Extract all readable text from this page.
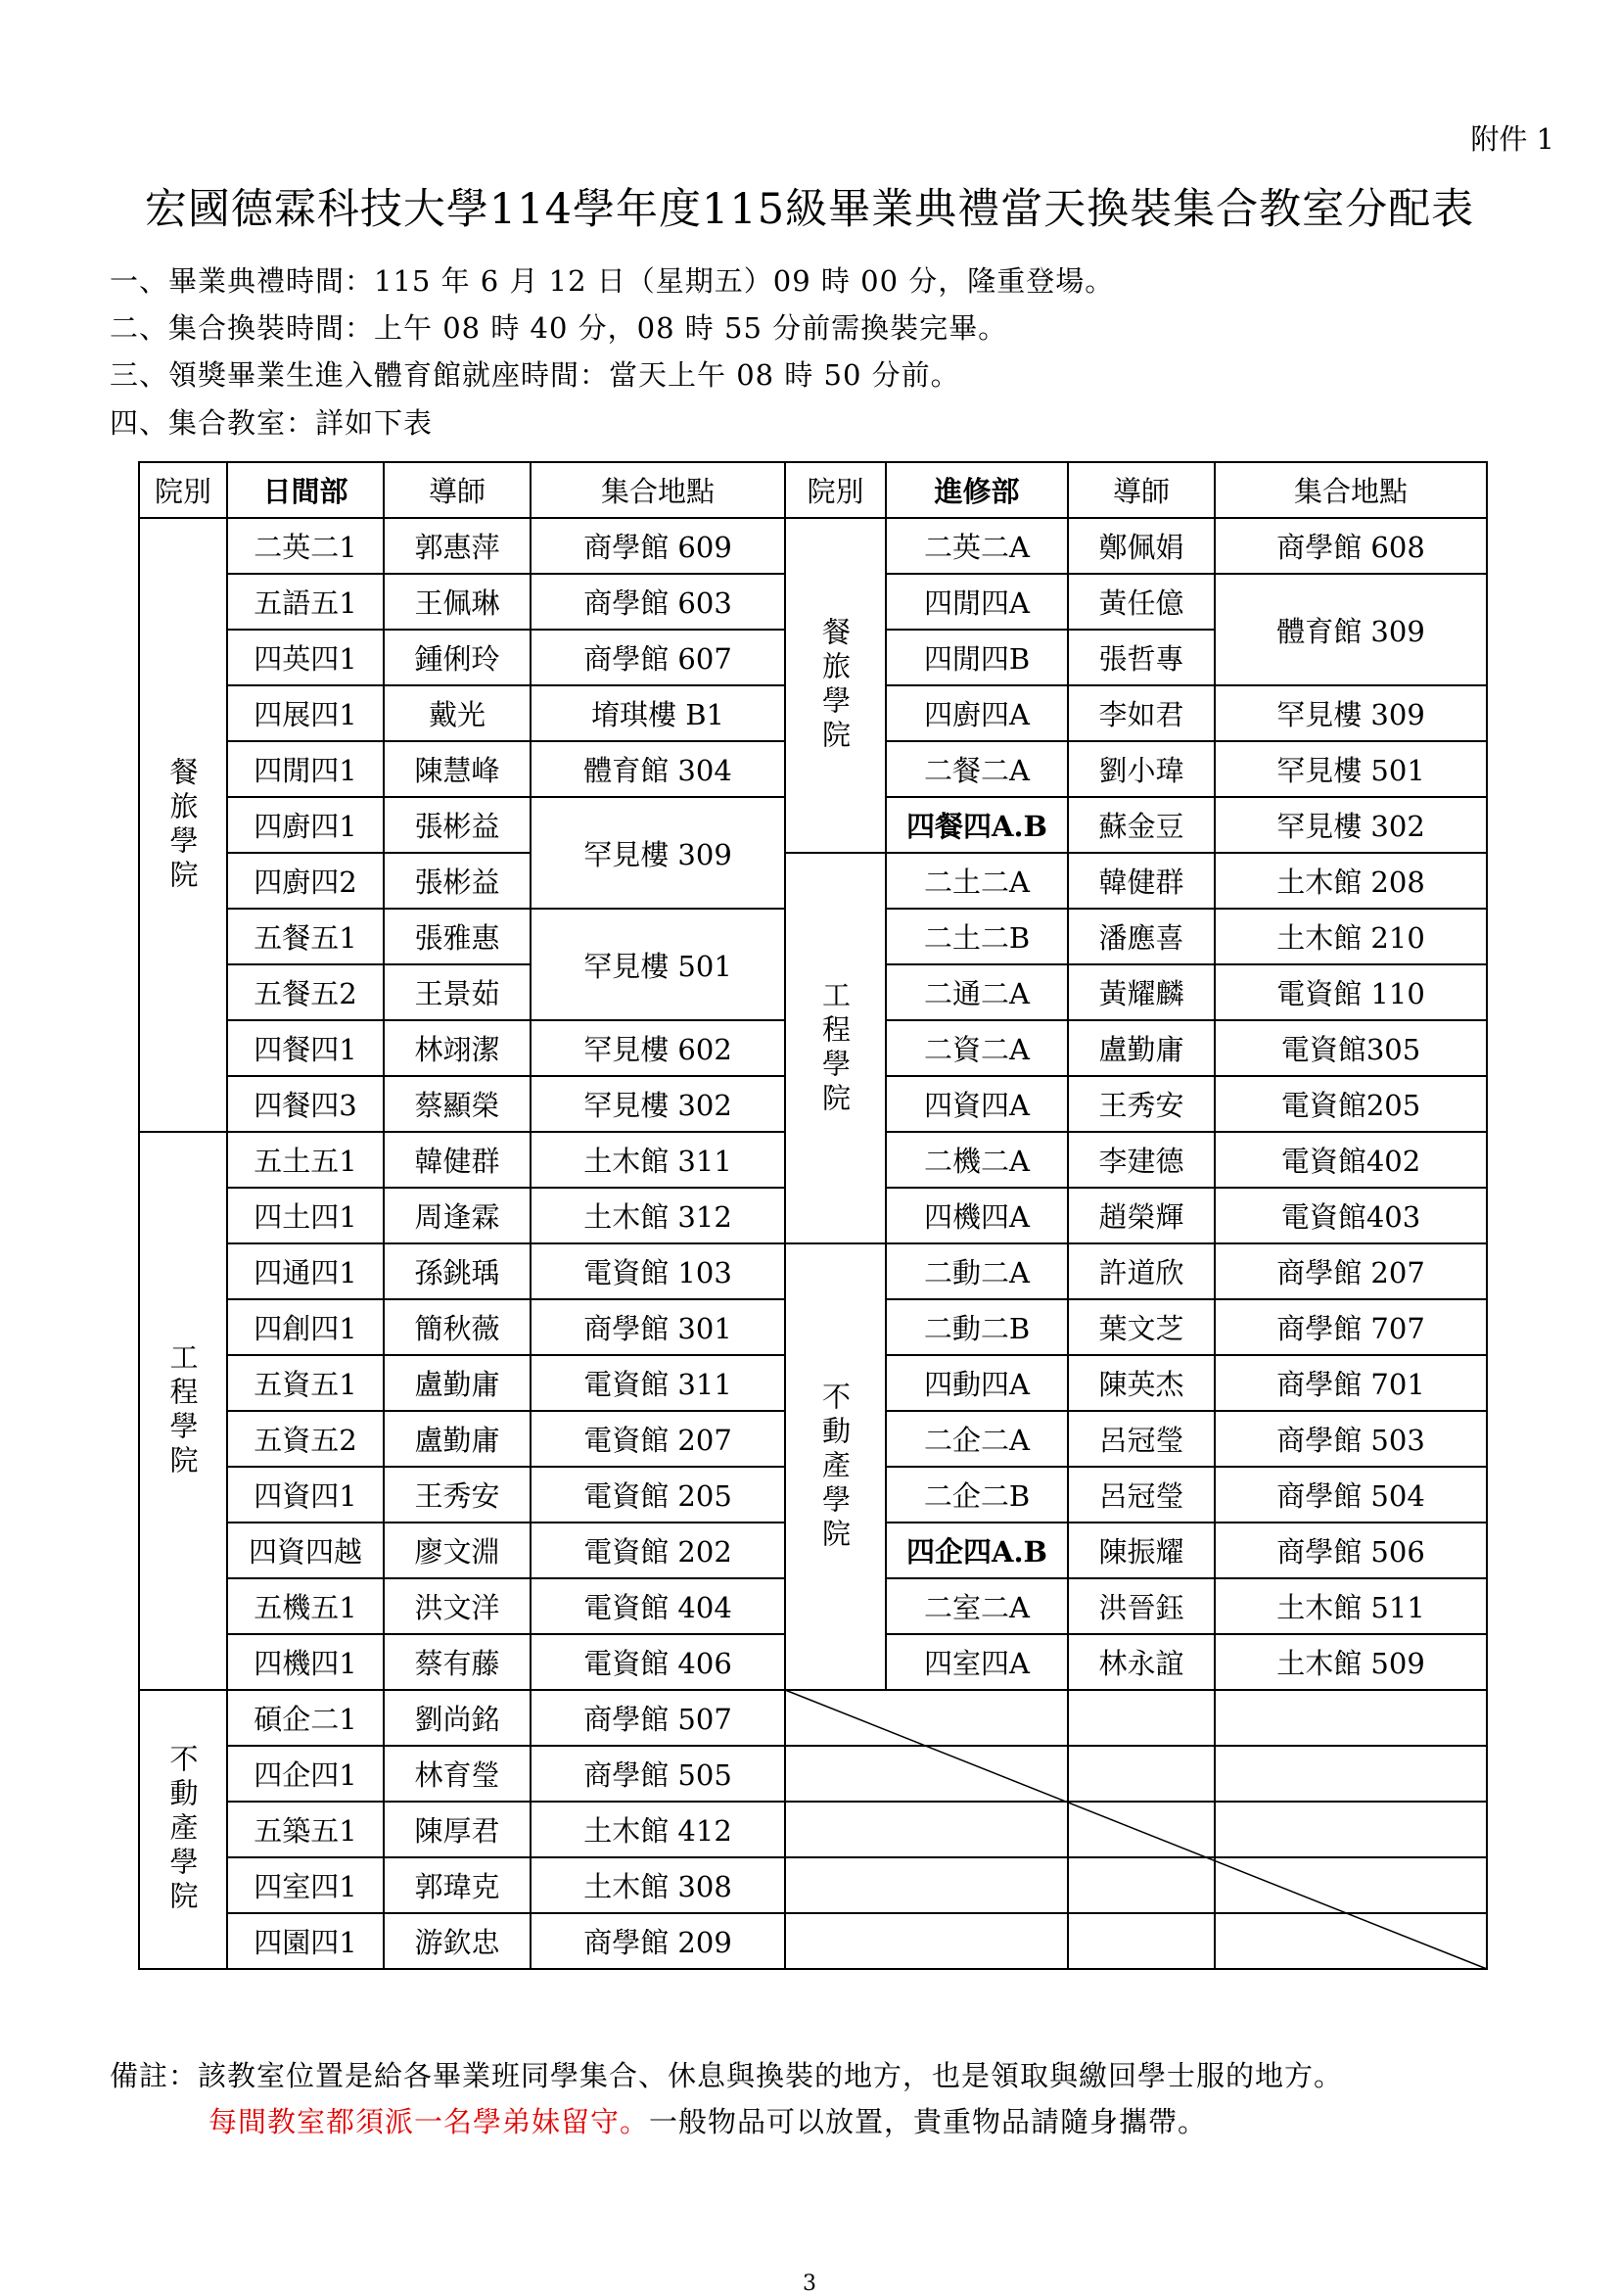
附件 1
宏國德霖科技大學114學年度115級畢業典禮當天換裝集合教室分配表
一、畢業典禮時間：115 年 6 月 12 日（星期五）09 時 00 分，隆重登場。
二、集合換裝時間：上午 08 時 40 分，08 時 55 分前需換裝完畢。
三、領獎畢業生進入體育館就座時間：當天上午 08 時 50 分前。
四、集合教室：詳如下表
院別	日間部	導師	集合地點	院別	進修部	導師	集合地點
餐旅學院	二英二1	郭惠萍	商學館 609	餐旅學院	二英二A	鄭佩娟	商學館 608
	五語五1	王佩琳	商學館 603		四閒四A	黃任億	體育館 309
	四英四1	鍾俐玲	商學館 607		四閒四B	張哲專	
	四展四1	戴光	堉琪樓 B1		四廚四A	李如君	罕見樓 309
	四閒四1	陳慧峰	體育館 304		二餐二A	劉小瑋	罕見樓 501
	四廚四1	張彬益	罕見樓 309		四餐四A.B	蘇金豆	罕見樓 302
	四廚四2	張彬益		工程學院	二土二A	韓健群	土木館 208
	五餐五1	張雅惠	罕見樓 501		二土二B	潘應喜	土木館 210
	五餐五2	王景茹			二通二A	黃耀麟	電資館 110
	四餐四1	林翊潔	罕見樓 602		二資二A	盧勤庸	電資館305
	四餐四3	蔡顯榮	罕見樓 302		四資四A	王秀安	電資館205
工程學院	五土五1	韓健群	土木館 311		二機二A	李建德	電資館402
	四土四1	周逢霖	土木館 312		四機四A	趙榮輝	電資館403
	四通四1	孫銚瑀	電資館 103	不動產學院	二動二A	許道欣	商學館 207
	四創四1	簡秋薇	商學館 301		二動二B	葉文芝	商學館 707
	五資五1	盧勤庸	電資館 311		四動四A	陳英杰	商學館 701
	五資五2	盧勤庸	電資館 207		二企二A	呂冠瑩	商學館 503
	四資四1	王秀安	電資館 205		二企二B	呂冠瑩	商學館 504
	四資四越	廖文淵	電資館 202		四企四A.B	陳振耀	商學館 506
	五機五1	洪文洋	電資館 404		二室二A	洪晉鈺	土木館 511
	四機四1	蔡有藤	電資館 406		四室四A	林永誼	土木館 509
不動產學院	碩企二1	劉尚銘	商學館 507				
	四企四1	林育瑩	商學館 505				
	五築五1	陳厚君	土木館 412				
	四室四1	郭瑋克	土木館 308				
	四園四1	游欽忠	商學館 209				
備註：該教室位置是給各畢業班同學集合、休息與換裝的地方，也是領取與繳回學士服的地方。
每間教室都須派一名學弟妹留守。一般物品可以放置，貴重物品請隨身攜帶。
3
